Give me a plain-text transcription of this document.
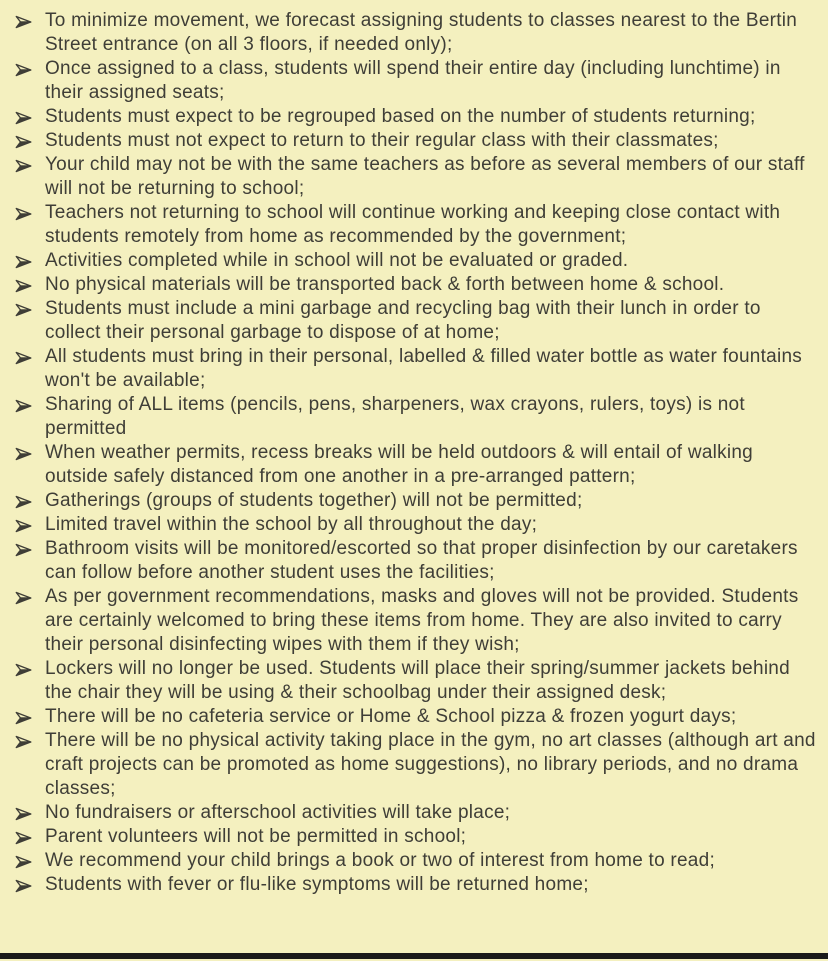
To minimize movement, we forecast assigning students to classes nearest to the Bertin Street entrance (on all 3 floors, if needed only);
Once assigned to a class, students will spend their entire day (including lunchtime) in their assigned seats;
Students must expect to be regrouped based on the number of students returning;
Students must not expect to return to their regular class with their classmates;
Your child may not be with the same teachers as before as several members of our staff will not be returning to school;
Teachers not returning to school will continue working and keeping close contact with students remotely from home as recommended by the government;
Activities completed while in school will not be evaluated or graded.
No physical materials will be transported back & forth between home & school.
Students must include a mini garbage and recycling bag with their lunch in order to collect their personal garbage to dispose of at home;
All students must bring in their personal, labelled & filled water bottle as water fountains won't be available;
Sharing of ALL items (pencils, pens, sharpeners, wax crayons, rulers, toys) is not permitted
When weather permits, recess breaks will be held outdoors & will entail of walking outside safely distanced from one another in a pre-arranged pattern;
Gatherings (groups of students together) will not be permitted;
Limited travel within the school by all throughout the day;
Bathroom visits will be monitored/escorted so that proper disinfection by our caretakers can follow before another student uses the facilities;
As per government recommendations, masks and gloves will not be provided. Students are certainly welcomed to bring these items from home. They are also invited to carry their personal disinfecting wipes with them if they wish;
Lockers will no longer be used. Students will place their spring/summer jackets behind the chair they will be using & their schoolbag under their assigned desk;
There will be no cafeteria service or Home & School pizza & frozen yogurt days;
There will be no physical activity taking place in the gym, no art classes (although art and craft projects can be promoted as home suggestions), no library periods, and no drama classes;
No fundraisers or afterschool activities will take place;
Parent volunteers will not be permitted in school;
We recommend your child brings a book or two of interest from home to read;
Students with fever or flu-like symptoms will be returned home;
